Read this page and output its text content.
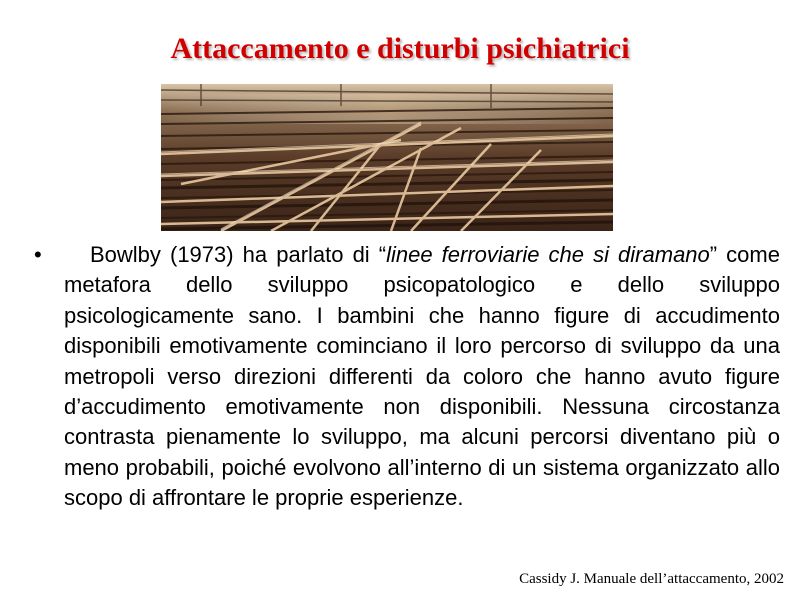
Attaccamento e disturbi psichiatrici
•	Bowlby (1973) ha parlato di “linee ferroviarie che si diramano” come metafora dello sviluppo psicopatologico e dello sviluppo psicologicamente sano. I bambini che hanno figure di accudimento disponibili emotivamente cominciano il loro percorso di sviluppo da una metropoli verso direzioni differenti da coloro che hanno avuto figure d’accudimento emotivamente non disponibili. Nessuna circostanza contrasta pienamente lo sviluppo, ma alcuni percorsi diventano più o meno probabili, poiché evolvono all’interno di un sistema organizzato allo scopo di affrontare le proprie esperienze.

Cassidy J. Manuale dell’attaccamento, 2002
